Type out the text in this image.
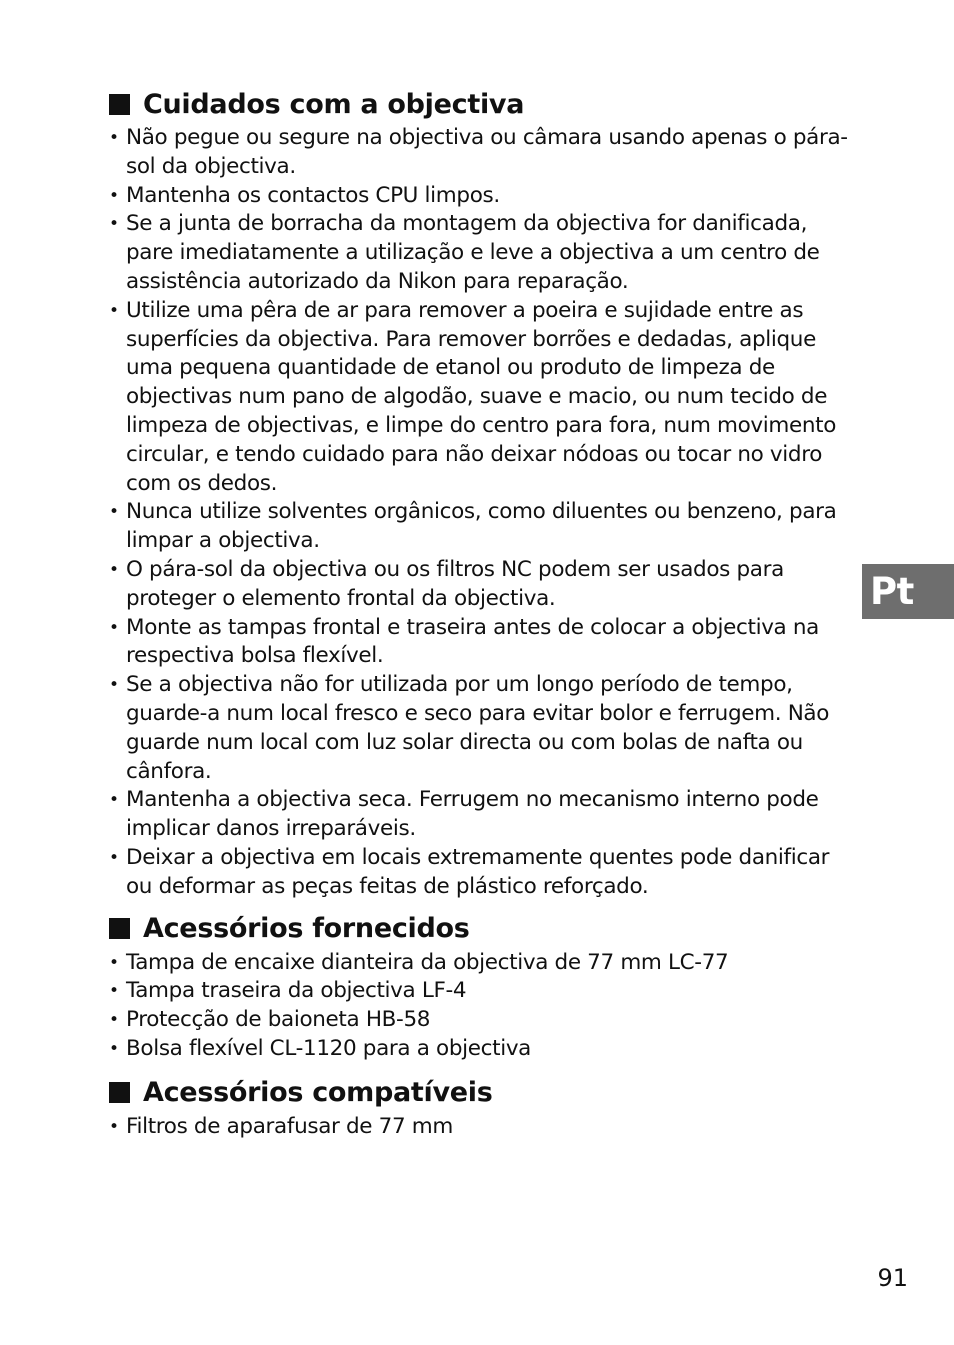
Cuidados com a objectiva
• Não pegue ou segure na objectiva ou câmara usando apenas o pára-sol da objectiva.
• Mantenha os contactos CPU limpos.
• Se a junta de borracha da montagem da objectiva for danificada, pare imediatamente a utilização e leve a objectiva a um centro de assistência autorizado da Nikon para reparação.
• Utilize uma pêra de ar para remover a poeira e sujidade entre as superfícies da objectiva. Para remover borrões e dedadas, aplique uma pequena quantidade de etanol ou produto de limpeza de objectivas num pano de algodão, suave e macio, ou num tecido de limpeza de objectivas, e limpe do centro para fora, num movimento circular, e tendo cuidado para não deixar nódoas ou tocar no vidro com os dedos.
• Nunca utilize solventes orgânicos, como diluentes ou benzeno, para limpar a objectiva.
• O pára-sol da objectiva ou os filtros NC podem ser usados para proteger o elemento frontal da objectiva.
• Monte as tampas frontal e traseira antes de colocar a objectiva na respectiva bolsa flexível.
• Se a objectiva não for utilizada por um longo período de tempo, guarde-a num local fresco e seco para evitar bolor e ferrugem. Não guarde num local com luz solar directa ou com bolas de nafta ou cânfora.
• Mantenha a objectiva seca. Ferrugem no mecanismo interno pode implicar danos irreparáveis.
• Deixar a objectiva em locais extremamente quentes pode danificar ou deformar as peças feitas de plástico reforçado.
Acessórios fornecidos
• Tampa de encaixe dianteira da objectiva de 77 mm LC-77
• Tampa traseira da objectiva LF-4
• Protecção de baioneta HB-58
• Bolsa flexível CL-1120 para a objectiva
Acessórios compatíveis
• Filtros de aparafusar de 77 mm
Pt
91
